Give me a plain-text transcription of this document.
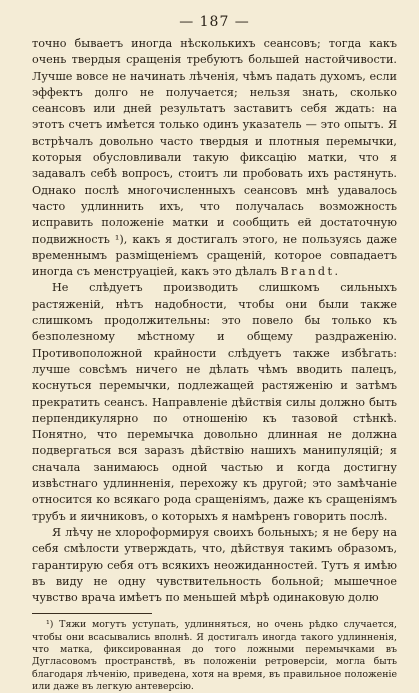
— 187 —

точно бываетъ иногда нѣсколькихъ сеансовъ; тогда какъ очень твердыя сращенія требуютъ большей настойчивости. Лучше вовсе не начинать лѣченія, чѣмъ падать духомъ, если эффектъ долго не получается; нельзя знать, сколько сеансовъ или дней результатъ заставитъ себя ждать: на этотъ счетъ имѣется только одинъ указатель — это опытъ. Я встрѣчалъ довольно часто твердыя и плотныя перемычки, которыя обусловливали такую фиксацію матки, что я задавалъ себѣ вопросъ, стоитъ ли пробовать ихъ растянуть. Однако послѣ многочисленныхъ сеансовъ мнѣ удавалось часто удлиннить ихъ, что получалась возможность исправить положеніе матки и сообщить ей достаточную подвижность ¹), какъ я достигалъ этого, не пользуясь даже временнымъ разміщеніемъ сращеній, которое совпадаетъ иногда съ менструаціей, какъ это дѣлалъ Brandt.

Не слѣдуетъ производить слишкомъ сильныхъ растяженій, нѣтъ надобности, чтобы они были также слишкомъ продолжительны: это повело бы только къ безполезному мѣстному и общему раздраженію. Противоположной крайности слѣдуетъ также избѣгать: лучше совсѣмъ ничего не дѣлать чѣмъ вводить палецъ, коснуться перемычки, подлежащей растяженію и затѣмъ прекратить сеансъ. Направленіе дѣйствія силы должно быть перпендикулярно по отношенію къ тазовой стѣнкѣ. Понятно, что перемычка довольно длинная не должна подвергаться вся заразъ дѣйствію нашихъ манипуляцій; я сначала занимаюсь одной частью и когда достигну извѣстнаго удлинненія, перехожу къ другой; это замѣчаніе относится ко всякаго рода сращеніямъ, даже къ сращеніямъ трубъ и яичниковъ, о которыхъ я намѣренъ говорить послѣ.

Я лѣчу не хлороформируя своихъ больныхъ; я не беру на себя смѣлости утверждать, что, дѣйствуя такимъ образомъ, гарантирую себя отъ всякихъ неожиданностей. Тутъ я имѣю въ виду не одну чувствительность больной; мышечное чувство врача имѣетъ по меньшей мѣрѣ одинаковую долю

¹) Тяжи могутъ уступать, удлинняться, но очень рѣдко случается, чтобы они всасывались вполнѣ. Я достигалъ иногда такого удлинненія, что матка, фиксированная до того ложными перемычками въ Дугласовомъ пространствѣ, въ положеніи ретроверсіи, могла быть благодаря лѣченію, приведена, хотя на время, въ правильное положеніе или даже въ легкую антеверсію.
